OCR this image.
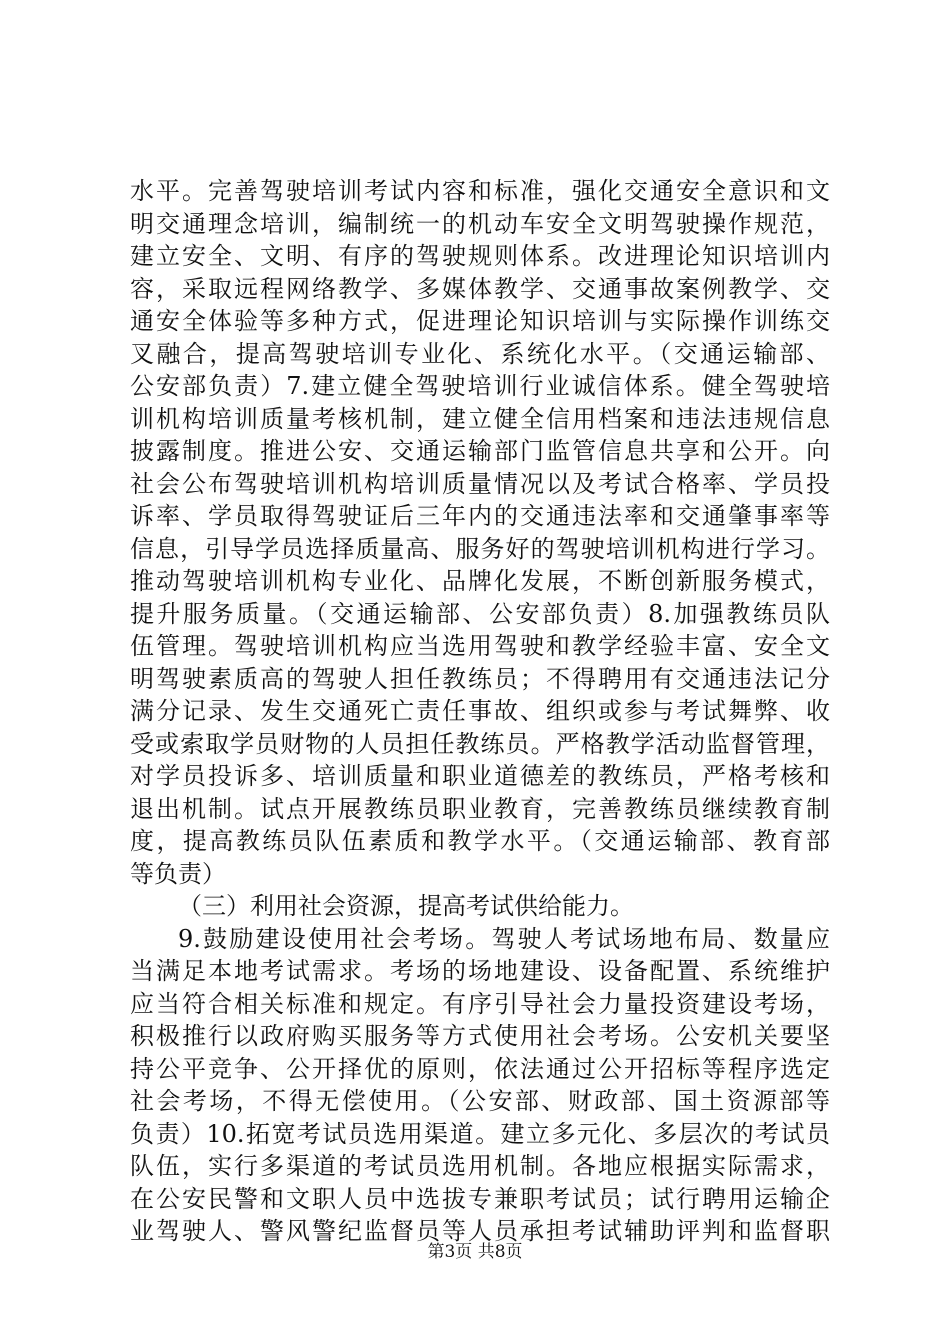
水平。完善驾驶培训考试内容和标准，强化交通安全意识和文
明交通理念培训，编制统一的机动车安全文明驾驶操作规范，
建立安全、文明、有序的驾驶规则体系。改进理论知识培训内
容，采取远程网络教学、多媒体教学、交通事故案例教学、交
通安全体验等多种方式，促进理论知识培训与实际操作训练交
叉融合，提高驾驶培训专业化、系统化水平。（交通运输部、
公安部负责）7.建立健全驾驶培训行业诚信体系。健全驾驶培
训机构培训质量考核机制，建立健全信用档案和违法违规信息
披露制度。推进公安、交通运输部门监管信息共享和公开。向
社会公布驾驶培训机构培训质量情况以及考试合格率、学员投
诉率、学员取得驾驶证后三年内的交通违法率和交通肇事率等
信息，引导学员选择质量高、服务好的驾驶培训机构进行学习。
推动驾驶培训机构专业化、品牌化发展，不断创新服务模式，
提升服务质量。（交通运输部、公安部负责）8.加强教练员队
伍管理。驾驶培训机构应当选用驾驶和教学经验丰富、安全文
明驾驶素质高的驾驶人担任教练员；不得聘用有交通违法记分
满分记录、发生交通死亡责任事故、组织或参与考试舞弊、收
受或索取学员财物的人员担任教练员。严格教学活动监督管理，
对学员投诉多、培训质量和职业道德差的教练员，严格考核和
退出机制。试点开展教练员职业教育，完善教练员继续教育制
度，提高教练员队伍素质和教学水平。（交通运输部、教育部
等负责）
（三）利用社会资源，提高考试供给能力。
9.鼓励建设使用社会考场。驾驶人考试场地布局、数量应
当满足本地考试需求。考场的场地建设、设备配置、系统维护
应当符合相关标准和规定。有序引导社会力量投资建设考场，
积极推行以政府购买服务等方式使用社会考场。公安机关要坚
持公平竞争、公开择优的原则，依法通过公开招标等程序选定
社会考场，不得无偿使用。（公安部、财政部、国土资源部等
负责）10.拓宽考试员选用渠道。建立多元化、多层次的考试员
队伍，实行多渠道的考试员选用机制。各地应根据实际需求，
在公安民警和文职人员中选拔专兼职考试员；试行聘用运输企
业驾驶人、警风警纪监督员等人员承担考试辅助评判和监督职
第3页 共8页
